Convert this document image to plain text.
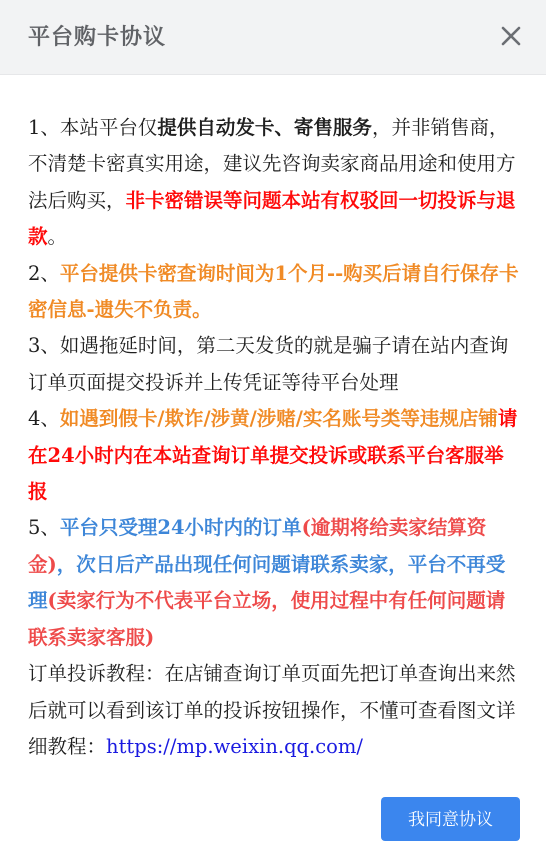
平台购卡协议

1、本站平台仅提供自动发卡、寄售服务，并非销售商，不清楚卡密真实用途，建议先咨询卖家商品用途和使用方法后购买，非卡密错误等问题本站有权驳回一切投诉与退款。

2、平台提供卡密查询时间为1个月--购买后请自行保存卡密信息-遗失不负责。

3、如遇拖延时间，第二天发货的就是骗子请在站内查询订单页面提交投诉并上传凭证等待平台处理

4、如遇到假卡/欺诈/涉黄/涉赌/实名账号类等违规店铺请在24小时内在本站查询订单提交投诉或联系平台客服举报

5、平台只受理24小时内的订单(逾期将给卖家结算资金)，次日后产品出现任何问题请联系卖家，平台不再受理(卖家行为不代表平台立场，使用过程中有任何问题请联系卖家客服)

订单投诉教程：在店铺查询订单页面先把订单查询出来然后就可以看到该订单的投诉按钮操作，不懂可查看图文详细教程：https://mp.weixin.qq.com/

我同意协议
